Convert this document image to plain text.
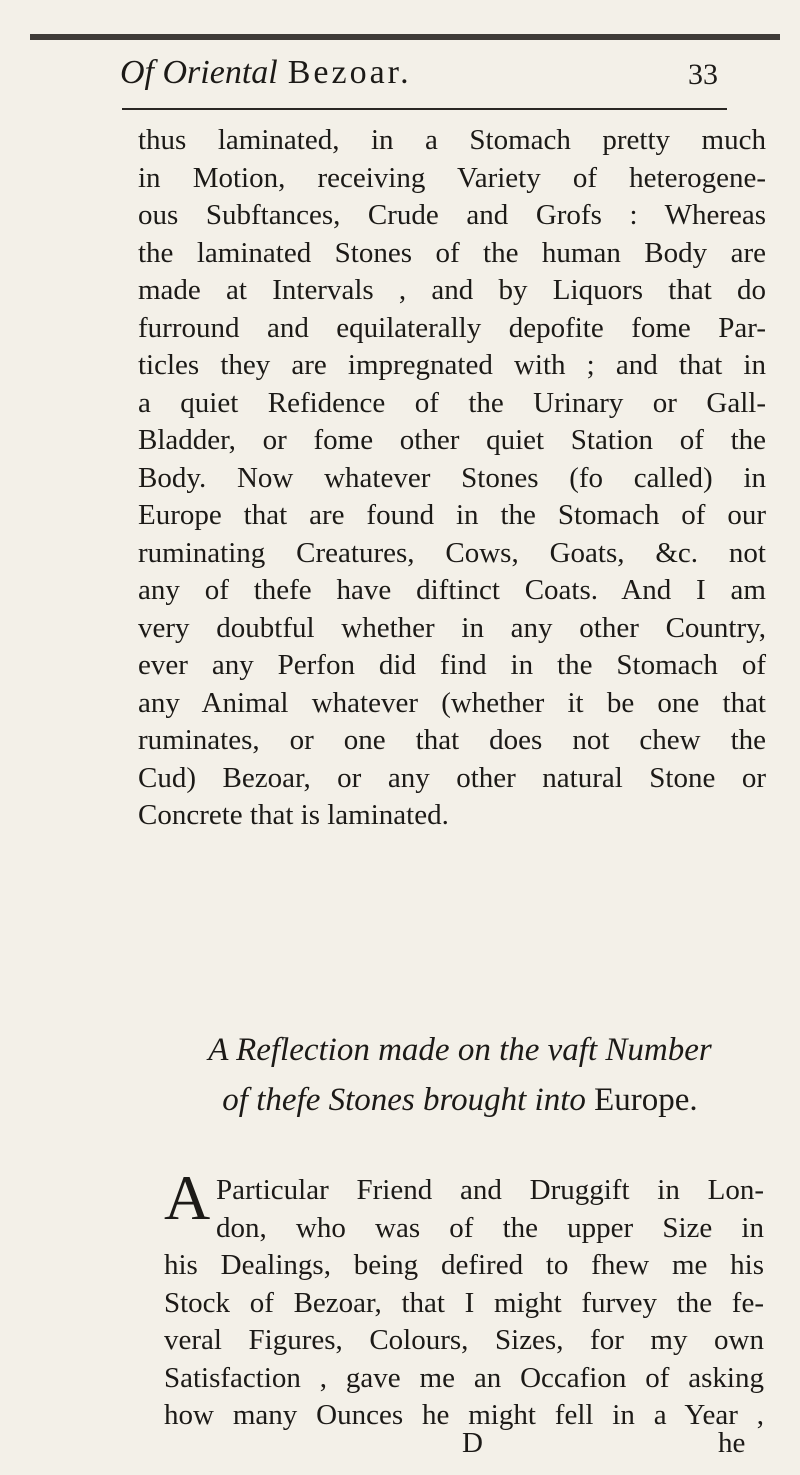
Of Oriental Bezoar.	33
thus laminated, in a Stomach pretty much
in Motion, receiving Variety of heterogene-
ous Subftances, Crude and Grofs : Whereas
the laminated Stones of the human Body are
made at Intervals , and by Liquors that do
furround and equilaterally depofite fome Par-
ticles they are impregnated with ; and that in
a quiet Refidence of the Urinary or Gall-
Bladder, or fome other quiet Station of the
Body. Now whatever Stones (fo called) in
Europe that are found in the Stomach of our
ruminating Creatures, Cows, Goats, &c. not
any of thefe have diftinct Coats. And I am
very doubtful whether in any other Country,
ever any Perfon did find in the Stomach of
any Animal whatever (whether it be one that
ruminates, or one that does not chew the
Cud) Bezoar, or any other natural Stone or
Concrete that is laminated.
A Reflection made on the vaft Number
of thefe Stones brought into Europe.
A Particular Friend and Druggift in Lon-
don, who was of the upper Size in
his Dealings, being defired to fhew me his
Stock of Bezoar, that I might furvey the fe-
veral Figures, Colours, Sizes, for my own
Satisfaction , gave me an Occafion of asking
how many Ounces he might fell in a Year ,
D	he
